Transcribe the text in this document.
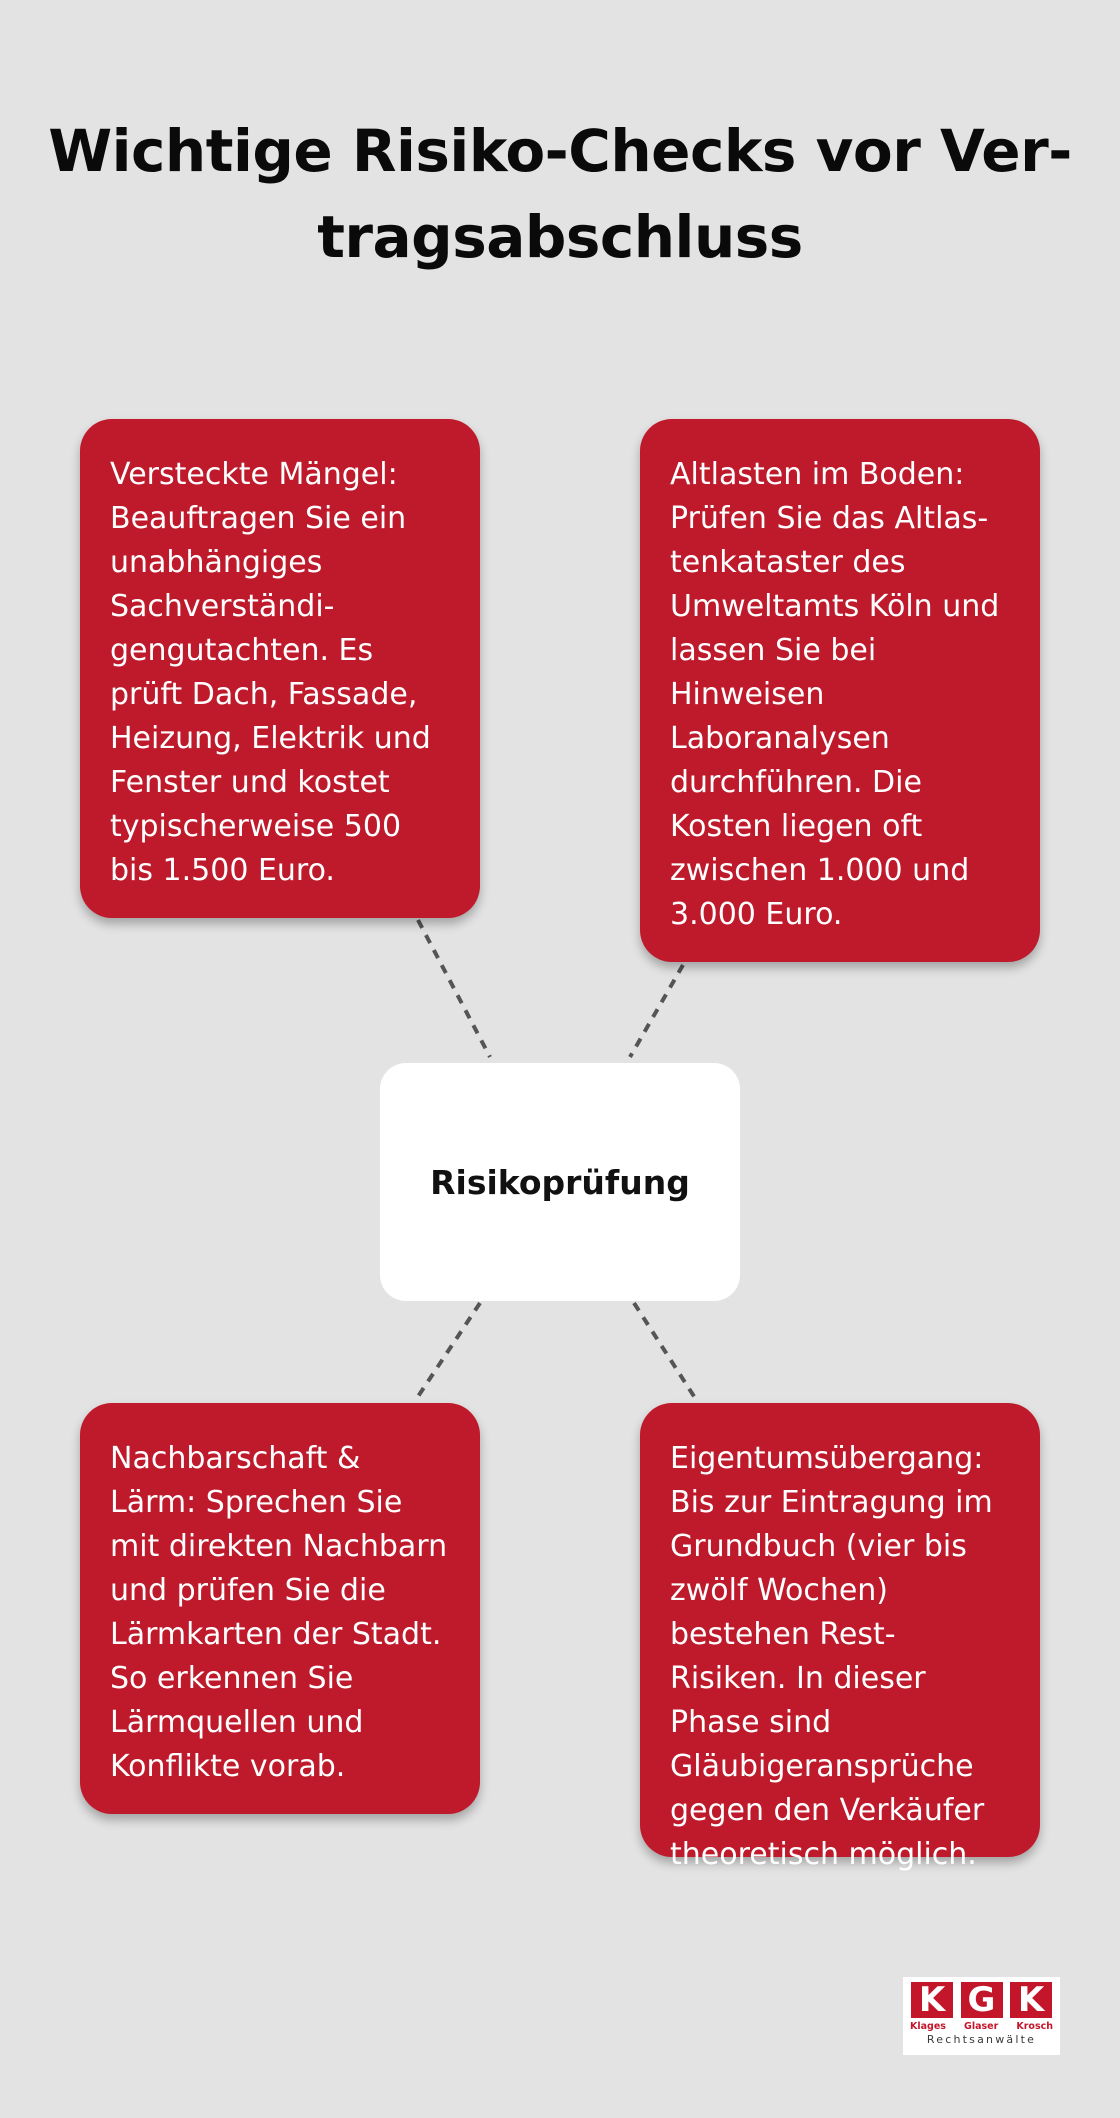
Wichtige Risiko-Checks vor Ver-
tragsabschluss

Versteckte Mängel: Beauftragen Sie ein unabhängiges Sachverständigengutachten. Es prüft Dach, Fassade, Heizung, Elektrik und Fenster und kostet typischerweise 500 bis 1.500 Euro.

Altlasten im Boden: Prüfen Sie das Altlastenkataster des Umweltamts Köln und lassen Sie bei Hinweisen Laboranalysen durchführen. Die Kosten liegen oft zwischen 1.000 und 3.000 Euro.

Risikoprüfung

Nachbarschaft & Lärm: Sprechen Sie mit direkten Nachbarn und prüfen Sie die Lärmkarten der Stadt. So erkennen Sie Lärmquellen und Konflikte vorab.

Eigentumsübergang: Bis zur Eintragung im Grundbuch (vier bis zwölf Wochen) bestehen Rest-Risiken. In dieser Phase sind Gläubigeransprüche gegen den Verkäufer theoretisch möglich.

K G K
Klages Glaser Krosch
Rechtsanwälte
